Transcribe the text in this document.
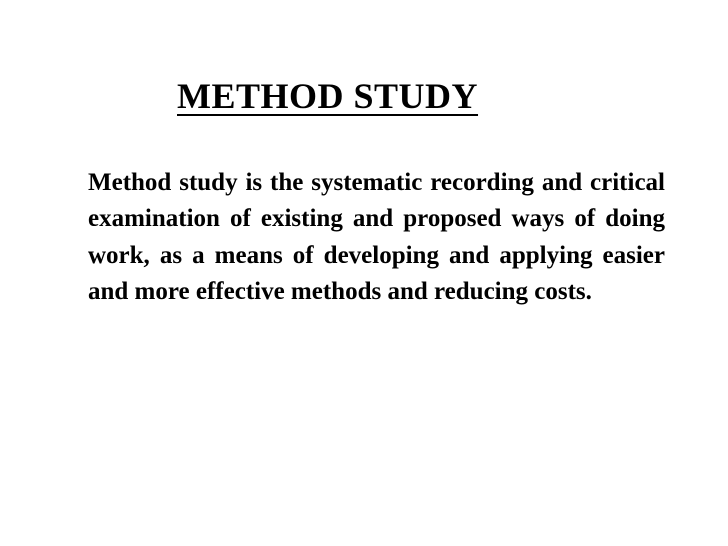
METHOD STUDY

Method study is the systematic recording and critical examination of existing and proposed ways of doing work, as a means of developing and applying easier and more effective methods and reducing costs.
